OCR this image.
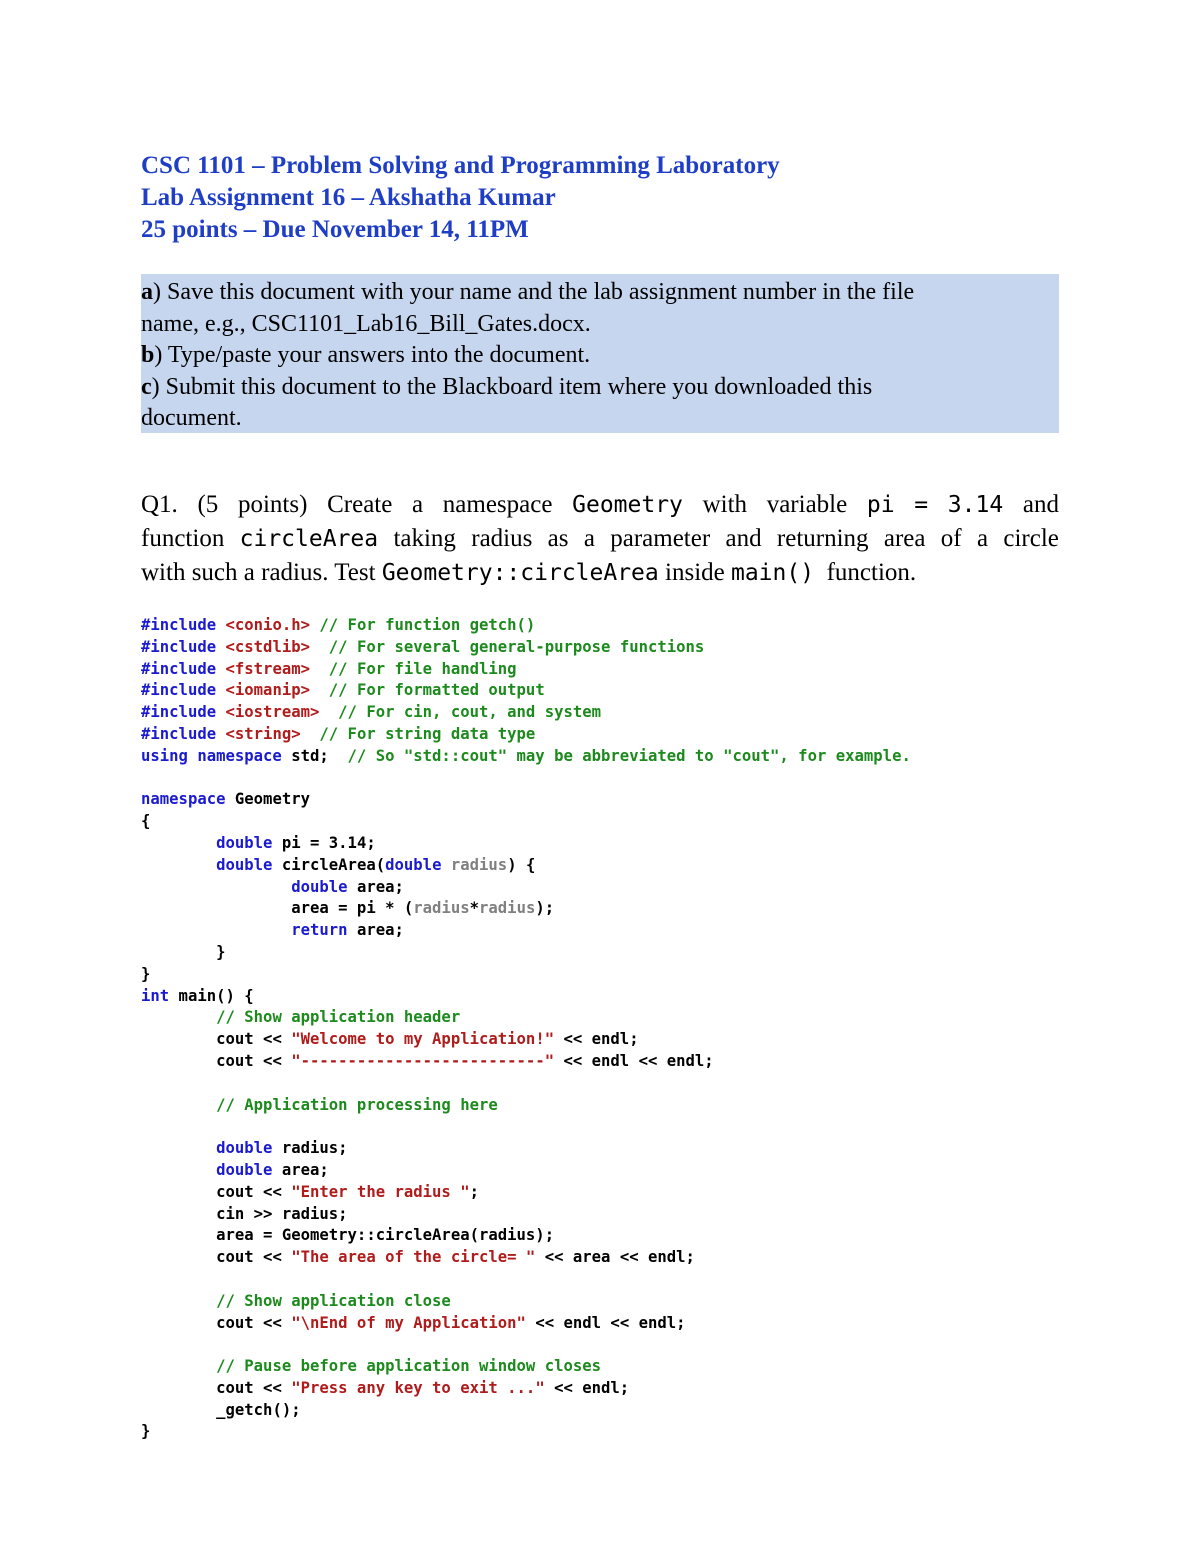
CSC 1101 – Problem Solving and Programming Laboratory
Lab Assignment 16 – Akshatha Kumar
25 points – Due November 14, 11PM
a) Save this document with your name and the lab assignment number in the file
name, e.g., CSC1101_Lab16_Bill_Gates.docx.
b) Type/paste your answers into the document.
c) Submit this document to the Blackboard item where you downloaded this
document.
Q1. (5 points) Create a namespace Geometry with variable pi = 3.14 and
function circleArea taking radius as a parameter and returning area of a circle
with such a radius. Test Geometry::circleArea inside main() function.
#include <conio.h> // For function getch()
#include <cstdlib> // For several general-purpose functions
#include <fstream> // For file handling
#include <iomanip> // For formatted output
#include <iostream> // For cin, cout, and system
#include <string> // For string data type
using namespace std;  // So "std::cout" may be abbreviated to "cout", for example.

namespace Geometry
{
double pi = 3.14;
double circleArea(double radius) {
double area;
area = pi * (radius*radius);
return area;
}
}
int main() {
// Show application header
cout << "Welcome to my Application!" << endl;
cout << "--------------------------" << endl << endl;

// Application processing here

double radius;
double area;
cout << "Enter the radius ";
cin >> radius;
area = Geometry::circleArea(radius);
cout << "The area of the circle= " << area << endl;

// Show application close
cout << "\nEnd of my Application" << endl << endl;

// Pause before application window closes
cout << "Press any key to exit ..." << endl;
_getch();
}
